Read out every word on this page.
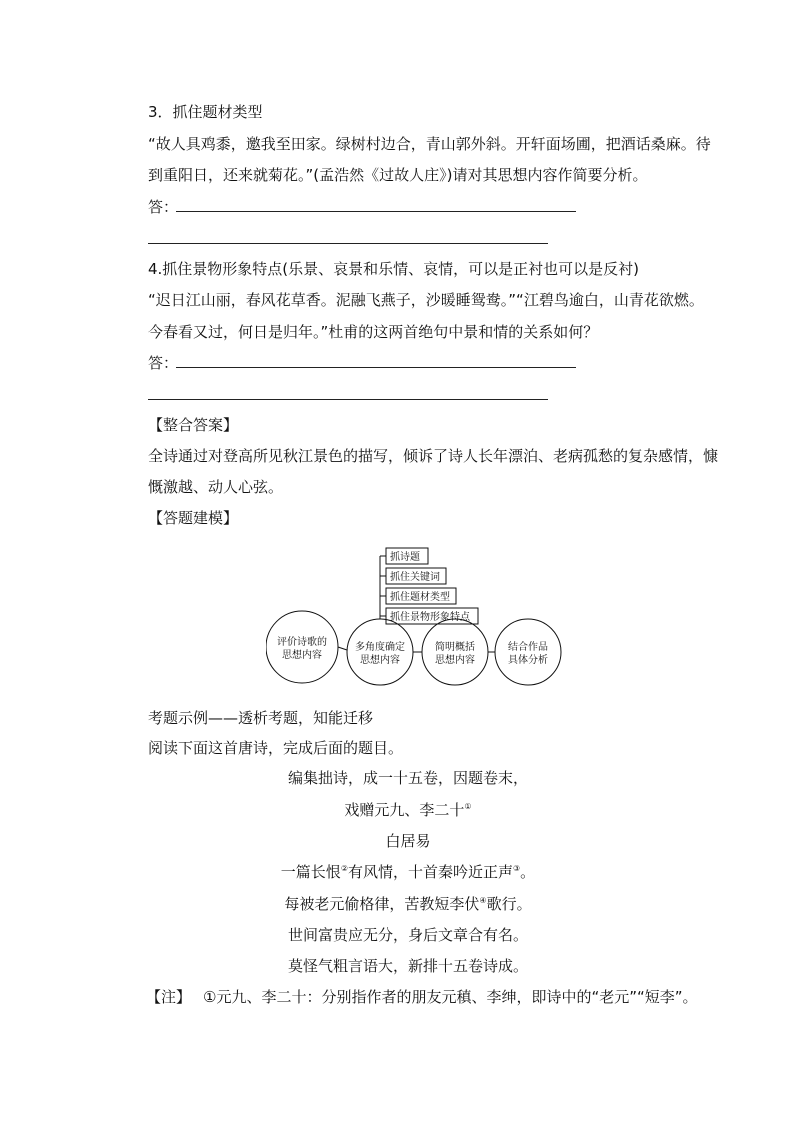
3．抓住题材类型
“故人具鸡黍，邀我至田家。绿树村边合，青山郭外斜。开轩面场圃，把酒话桑麻。待
到重阳日，还来就菊花。”(孟浩然《过故人庄》)请对其思想内容作简要分析。
答：
4.抓住景物形象特点(乐景、哀景和乐情、哀情，可以是正衬也可以是反衬)
“迟日江山丽，春风花草香。泥融飞燕子，沙暖睡鸳鸯。”“江碧鸟逾白，山青花欲燃。
今春看又过，何日是归年。”杜甫的这两首绝句中景和情的关系如何？
答：
【整合答案】
全诗通过对登高所见秋江景色的描写，倾诉了诗人长年漂泊、老病孤愁的复杂感情，慷
慨激越、动人心弦。
【答题建模】
评价诗歌的思想内容
多角度确定思想内容
简明概括思想内容
结合作品具体分析
抓诗题
抓住关键词
抓住题材类型
抓住景物形象特点
考题示例——透析考题，知能迁移
阅读下面这首唐诗，完成后面的题目。
编集拙诗，成一十五卷，因题卷末，
戏赠元九、李二十①
白居易
一篇长恨②有风情，十首秦吟近正声③。
每被老元偷格律，苦教短李伏④歌行。
世间富贵应无分，身后文章合有名。
莫怪气粗言语大，新排十五卷诗成。
【注】 ①元九、李二十：分别指作者的朋友元稹、李绅，即诗中的“老元”“短李”。
